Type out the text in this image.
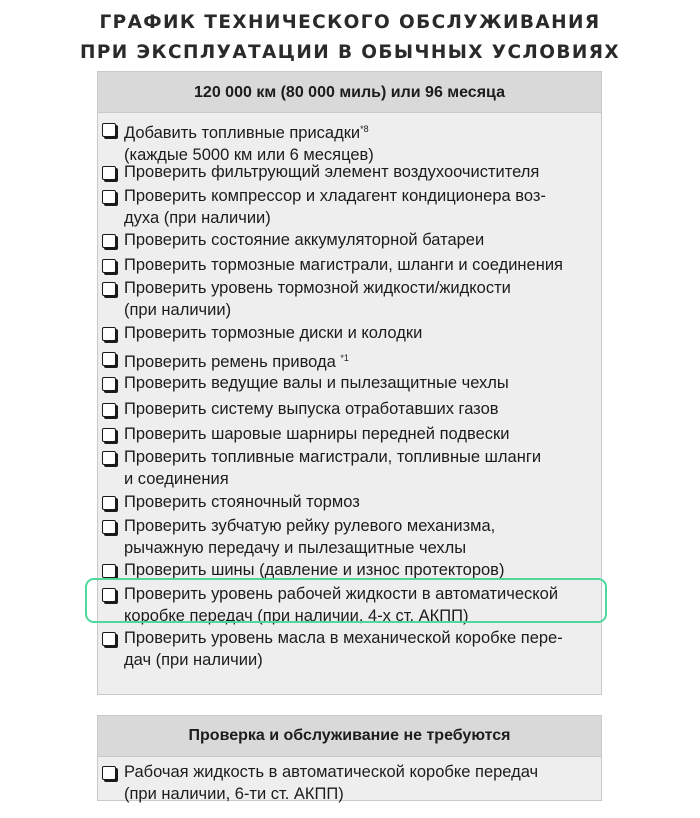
ГРАФИК ТЕХНИЧЕСКОГО ОБСЛУЖИВАНИЯ
ПРИ ЭКСПЛУАТАЦИИ В ОБЫЧНЫХ УСЛОВИЯХ
120 000 км (80 000 миль) или 96 месяца
Добавить топливные присадки$^{*8}$
(каждые 5000 км или 6 месяцев)
Проверить фильтрующий элемент воздухоочистителя
Проверить компрессор и хладагент кондиционера воз-
духа (при наличии)
Проверить состояние аккумуляторной батареи
Проверить тормозные магистрали, шланги и соединения
Проверить уровень тормозной жидкости/жидкости
(при наличии)
Проверить тормозные диски и колодки
Проверить ремень привода $^{*1}$
Проверить ведущие валы и пылезащитные чехлы
Проверить систему выпуска отработавших газов
Проверить шаровые шарниры передней подвески
Проверить топливные магистрали, топливные шланги
и соединения
Проверить стояночный тормоз
Проверить зубчатую рейку рулевого механизма,
рычажную передачу и пылезащитные чехлы
Проверить шины (давление и износ протекторов)
Проверить уровень рабочей жидкости в автоматической
коробке передач (при наличии, 4-х ст. АКПП)
Проверить уровень масла в механической коробке пере-
дач (при наличии)
Проверка и обслуживание не требуются
Рабочая жидкость в автоматической коробке передач
(при наличии, 6-ти ст. АКПП)
